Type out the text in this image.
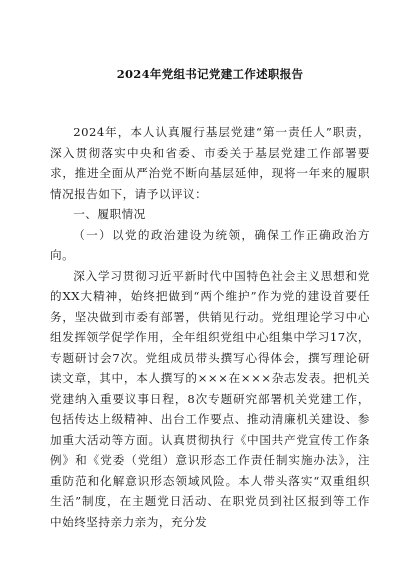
2024年党组书记党建工作述职报告

2024年，本人认真履行基层党建“第一责任人”职责，深入贯彻落实中央和省委、市委关于基层党建工作部署要求，推进全面从严治党不断向基层延伸，现将一年来的履职情况报告如下，请予以评议：

一、履职情况

（一）以党的政治建设为统领，确保工作正确政治方向。

深入学习贯彻习近平新时代中国特色社会主义思想和党的XX大精神，始终把做到“两个维护”作为党的建设首要任务，坚决做到市委有部署，供销见行动。党组理论学习中心组发挥领学促学作用，全年组织党组中心组集中学习17次，专题研讨会7次。党组成员带头撰写心得体会，撰写理论研读文章，其中，本人撰写的×××在×××杂志发表。把机关党建纳入重要议事日程，8次专题研究部署机关党建工作，包括传达上级精神、出台工作要点、推动清廉机关建设、参加重大活动等方面。认真贯彻执行《中国共产党宣传工作条例》和《党委（党组）意识形态工作责任制实施办法》，注重防范和化解意识形态领域风险。本人带头落实“双重组织生活”制度，在主题党日活动、在职党员到社区报到等工作中始终坚持亲力亲为，充分发
